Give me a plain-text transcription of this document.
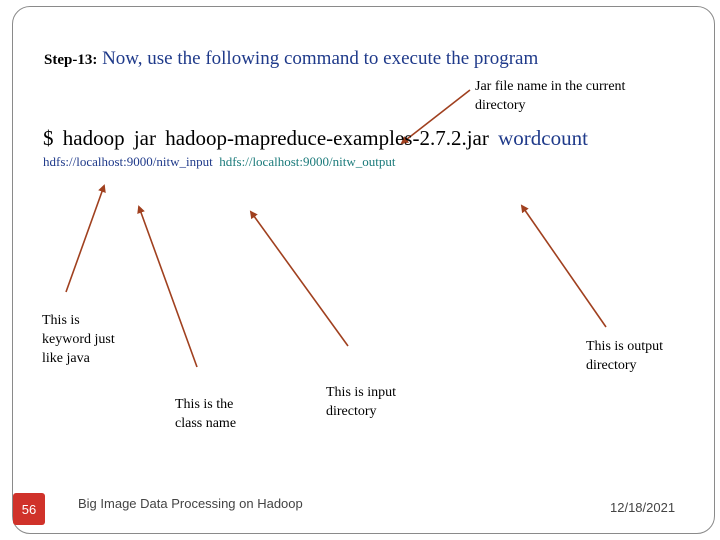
Step-13: Now, use the following command to execute the program
Jar file name in the current
directory
$ hadoop jar hadoop-mapreduce-examples-2.7.2.jar wordcount
hdfs://localhost:9000/nitw_input hdfs://localhost:9000/nitw_output
This is
keyword just
like java
This is the
class name
This is input
directory
This is output
directory
56	Big Image Data Processing on Hadoop	12/18/2021
